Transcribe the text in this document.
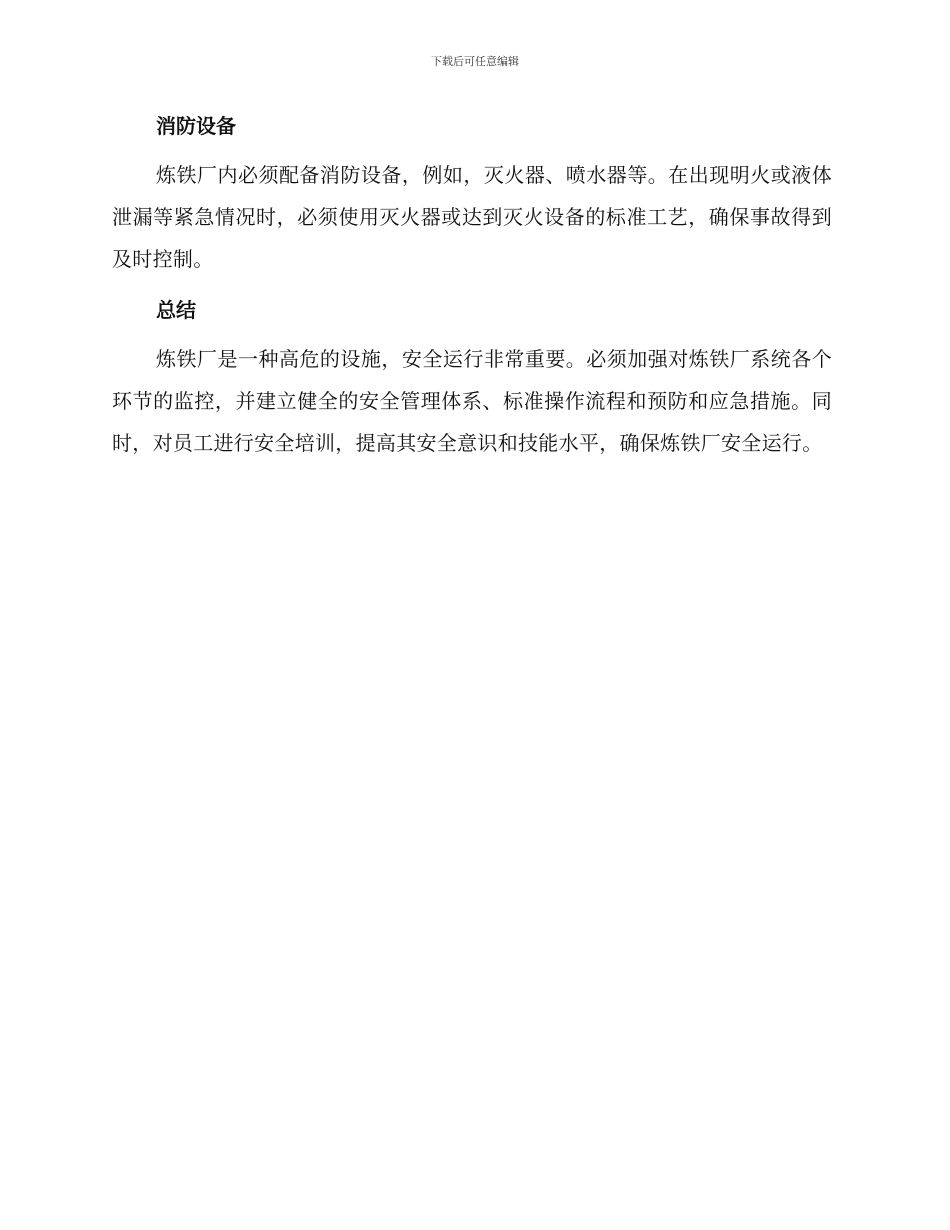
下载后可任意编辑
消防设备

炼铁厂内必须配备消防设备，例如，灭火器、喷水器等。在出现明火或液体泄漏等紧急情况时，必须使用灭火器或达到灭火设备的标准工艺，确保事故得到及时控制。

总结

炼铁厂是一种高危的设施，安全运行非常重要。必须加强对炼铁厂系统各个环节的监控，并建立健全的安全管理体系、标准操作流程和预防和应急措施。同时，对员工进行安全培训，提高其安全意识和技能水平，确保炼铁厂安全运行。
